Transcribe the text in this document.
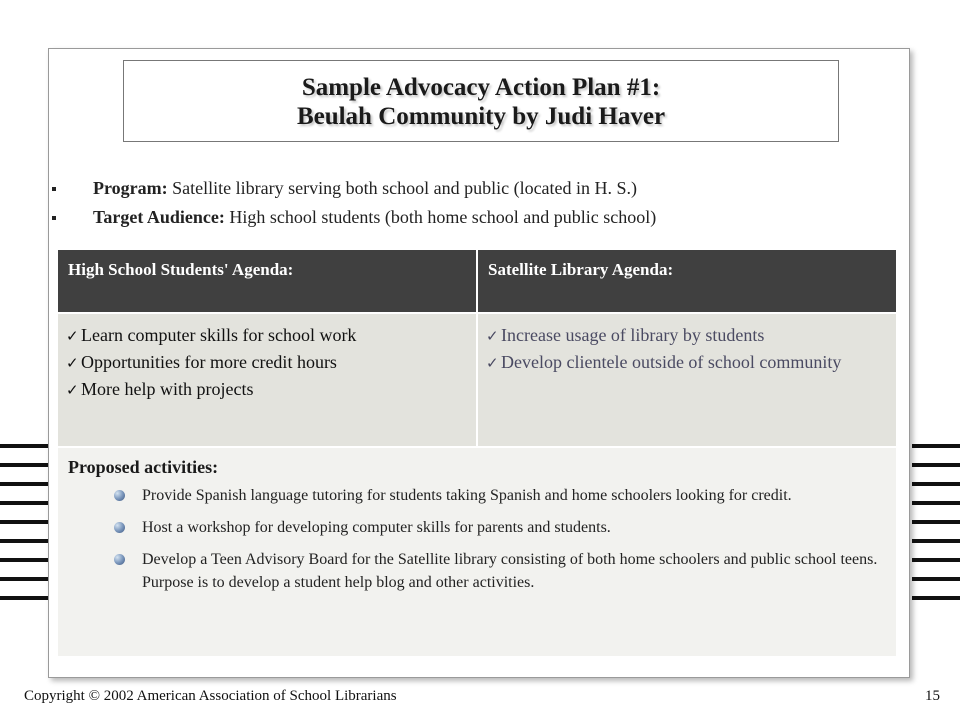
Sample Advocacy Action Plan #1:
Beulah Community by Judi Haver
Program: Satellite library serving both school and public (located in H. S.)
Target Audience: High school students (both home school and public school)
High School Students' Agenda:	Satellite Library Agenda:
✓ Learn computer skills for school work
✓ Opportunities for more credit hours
✓ More help with projects
✓ Increase usage of library by students
✓ Develop clientele outside of school community
Proposed activities:
Provide Spanish language tutoring for students taking Spanish and home schoolers looking for credit.
Host a workshop for developing computer skills for parents and students.
Develop a Teen Advisory Board for the Satellite library consisting of both home schoolers and public school teens. Purpose is to develop a student help blog and other activities.
Copyright © 2002 American Association of School Librarians	15
